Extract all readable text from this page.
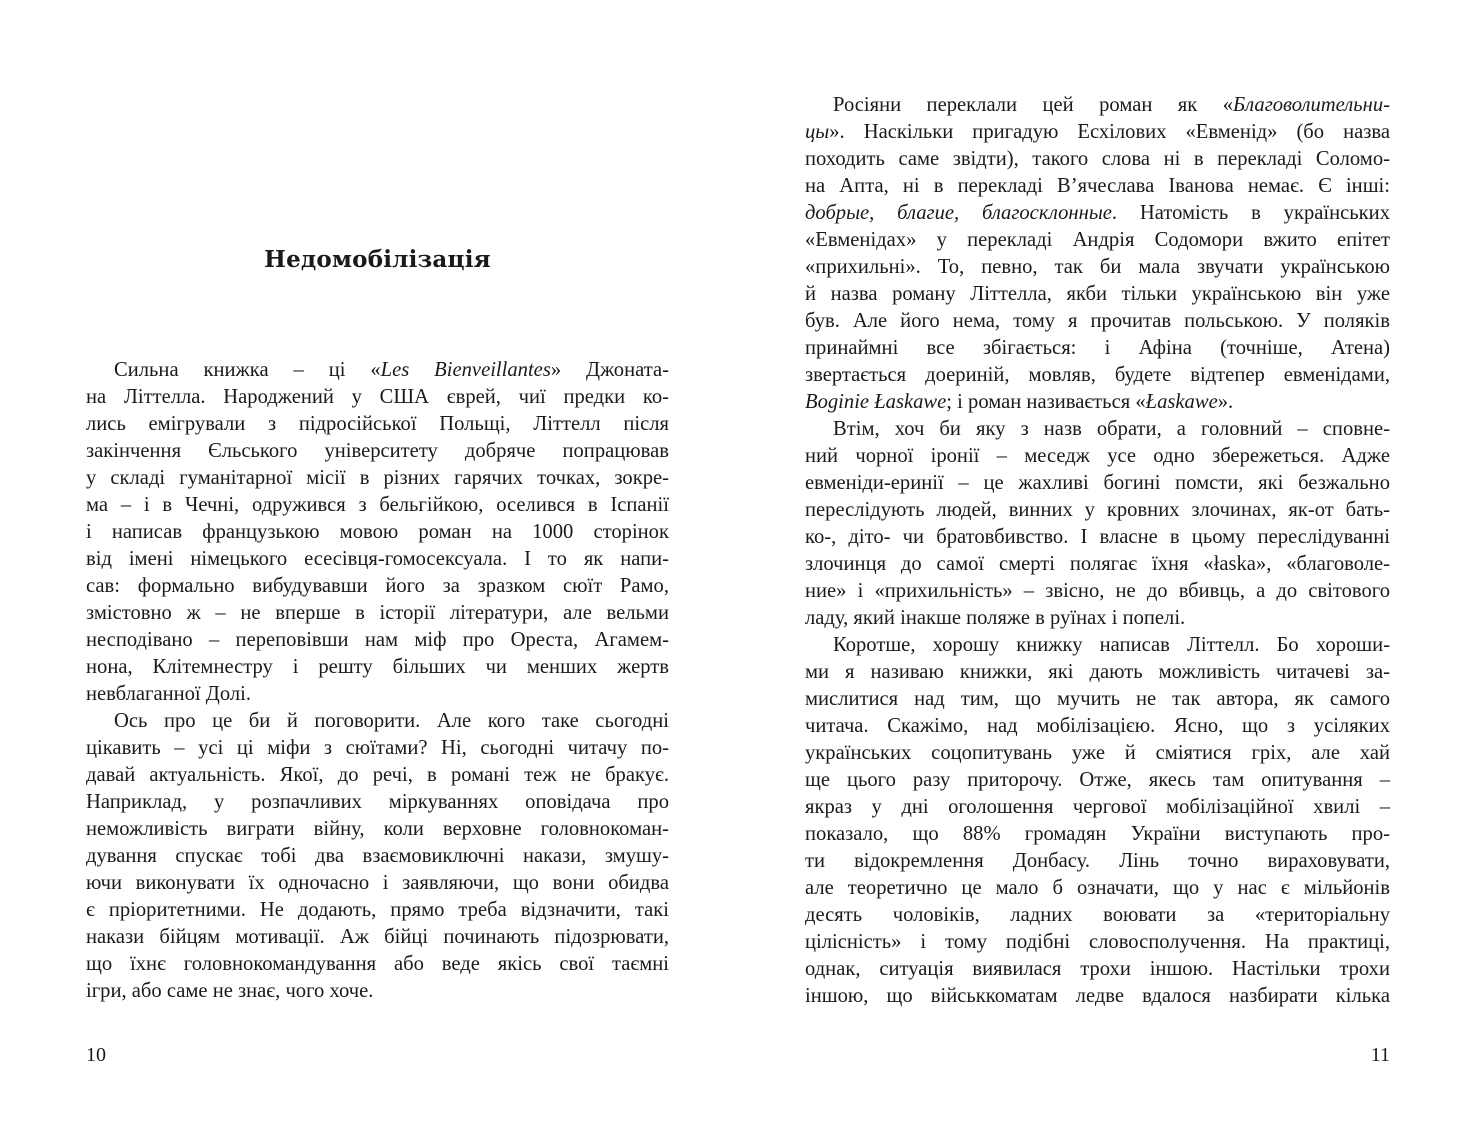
Недомобілізація
Сильна книжка – ці «Les Bienveillantes» Джоната-
на Літтелла. Народжений у США єврей, чиї предки ко-
лись емігрували з підросійської Польщі, Літтелл після
закінчення Єльського університету добряче попрацював
у складі гуманітарної місії в різних гарячих точках, зокре-
ма – і в Чечні, одружився з бельгійкою, оселився в Іспанії
і написав французькою мовою роман на 1000 сторінок
від імені німецького есесівця-гомосексуала. І то як напи-
сав: формально вибудувавши його за зразком сюїт Рамо,
змістовно ж – не вперше в історії літератури, але вельми
несподівано – переповівши нам міф про Ореста, Агамем-
нона, Клітемнестру і решту більших чи менших жертв
невблаганної Долі.
Ось про це би й поговорити. Але кого таке сьогодні
цікавить – усі ці міфи з сюїтами? Ні, сьогодні читачу по-
давай актуальність. Якої, до речі, в романі теж не бракує.
Наприклад, у розпачливих міркуваннях оповідача про
неможливість виграти війну, коли верховне головнокоман-
дування спускає тобі два взаємовиключні накази, змушу-
ючи виконувати їх одночасно і заявляючи, що вони обидва
є пріоритетними. Не додають, прямо треба відзначити, такі
накази бійцям мотивації. Аж бійці починають підозрювати,
що їхнє головнокомандування або веде якісь свої таємні
ігри, або саме не знає, чого хоче.
10
Росіяни переклали цей роман як «Благоволительни-
цы». Наскільки пригадую Есхілових «Евменід» (бо назва
походить саме звідти), такого слова ні в перекладі Соломо-
на Апта, ні в перекладі В’ячеслава Іванова немає. Є інші:
добрые, благие, благосклонные. Натомість в українських
«Евменідах» у перекладі Андрія Содомори вжито епітет
«прихильні». То, певно, так би мала звучати українською
й назва роману Літтелла, якби тільки українською він уже
був. Але його нема, тому я прочитав польською. У поляків
принаймні все збігається: і Афіна (точніше, Атена)
звертається доериній, мовляв, будете відтепер евменідами,
Boginie Łaskawe; і роман називається «Łaskawe».
Втім, хоч би яку з назв обрати, а головний – сповне-
ний чорної іронії – меседж усе одно збережеться. Адже
евменіди-еринії – це жахливі богині помсти, які безжально
переслідують людей, винних у кровних злочинах, як-от бать-
ко-, діто- чи братовбивство. І власне в цьому переслідуванні
злочинця до самої смерті полягає їхня «łaska», «благоволе-
ние» і «прихильність» – звісно, не до вбивць, а до світового
ладу, який інакше поляже в руїнах і попелі.
Коротше, хорошу книжку написав Літтелл. Бо хороши-
ми я називаю книжки, які дають можливість читачеві за-
мислитися над тим, що мучить не так автора, як самого
читача. Скажімо, над мобілізацією. Ясно, що з усіляких
українських соцопитувань уже й сміятися гріх, але хай
ще цього разу приторочу. Отже, якесь там опитування –
якраз у дні оголошення чергової мобілізаційної хвилі –
показало, що 88% громадян України виступають про-
ти відокремлення Донбасу. Лінь точно вираховувати,
але теоретично це мало б означати, що у нас є мільйонів
десять чоловіків, ладних воювати за «територіальну
цілісність» і тому подібні словосполучення. На практиці,
однак, ситуація виявилася трохи іншою. Настільки трохи
іншою, що військкоматам ледве вдалося назбирати кілька
11
